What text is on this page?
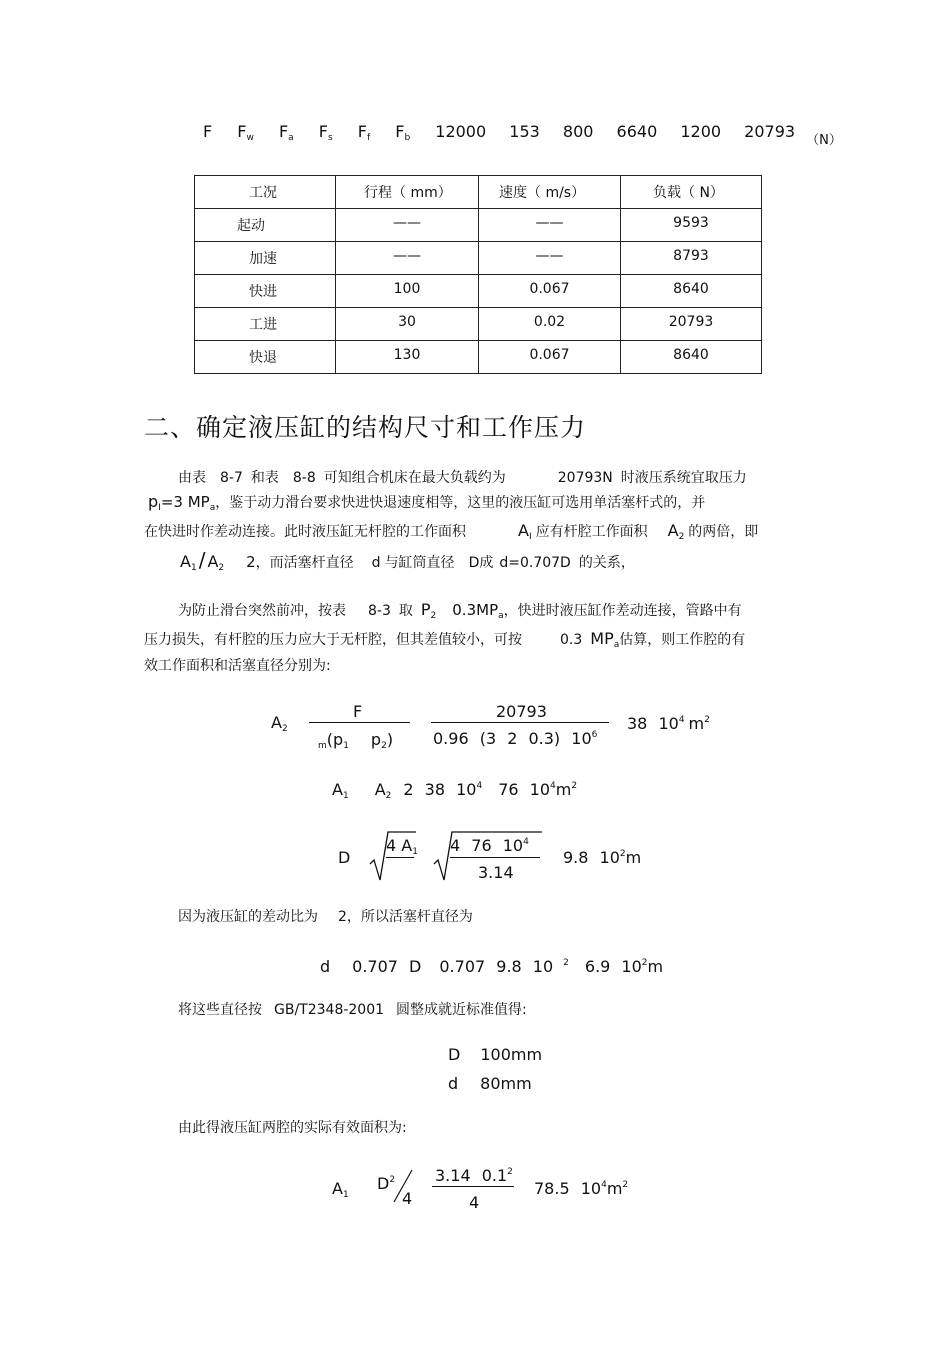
F $F_w$ $F_a$ $F_s$ $F_f$ $F_b$ 12000 153 800 6640 1200 20793 $_{(N)}$
工况	行程（ mm）	速度（ m/s）	负载（ N）

起动	——	——	9593

加速	——	——	8793

快进	100	0.067	8640

工进	30	0.02	20793

快退	130	0.067	8640
二、确定液压缸的结构尺寸和工作压力
由表 8-7 和表 8-8 可知组合机床在最大负载约为	20793N 时液压系统宜取压力
$p_I=3$ $MP_a$，鉴于动力滑台要求快进快退速度相等，这里的液压缸可选用单活塞杆式的，并
在快进时作差动连接。此时液压缸无杆腔的工作面积	$A_I$ 应有杆腔工作面积 $A_2$ 的两倍，即
$A_1 / A_2$ 2，而活塞杆直径 d 与缸筒直径 D成 d=0.707D 的关系，
为防止滑台突然前冲，按表 8-3 取 $P_2$ $0.3MP_a$，快进时液压缸作差动连接，管路中有
压力损失，有杆腔的压力应大于无杆腔，但其差值较小，可按	0.3 $MP_a$估算，则工作腔的有
效工作面积和活塞直径分别为:
$A_2$
F
$_m(p_1$ $p_2$)
20793
0.96 (3 2 0.3) $10^6$
38 $10^4$ $m^2$
$A_1$ $A_2$ 2 38 $10^4$ 76 $10^4m^2$
D
4 $A_1$ 4 76 $10^4$
3.14
9.8 $10^2m$
因为液压缸的差动比为 2，所以活塞杆直径为
d 0.707 D 0.707 9.8 10 $^2$ 6.9 $10^2m$
将这些直径按 GB/T2348-2001 圆整成就近标准值得:
D 100mm
d 80mm
由此得液压缸两腔的实际有效面积为:
$A_1$
$D^2$
4
3.14 $0.1^2$
4
78.5 $10^4m^2$
